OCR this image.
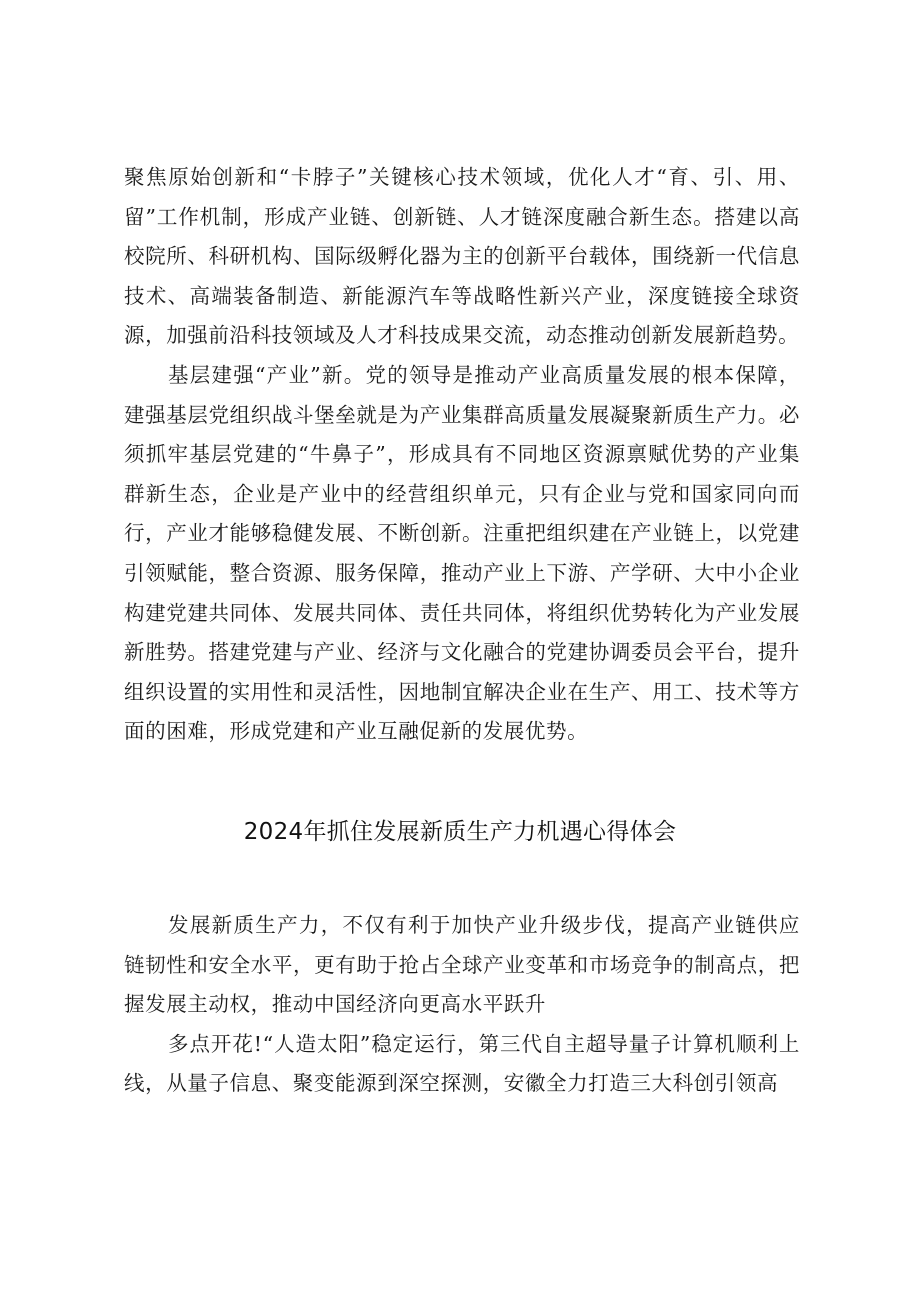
聚焦原始创新和“卡脖子”关键核心技术领域，优化人才“育、引、用、留”工作机制，形成产业链、创新链、人才链深度融合新生态。搭建以高校院所、科研机构、国际级孵化器为主的创新平台载体，围绕新一代信息技术、高端装备制造、新能源汽车等战略性新兴产业，深度链接全球资源，加强前沿科技领域及人才科技成果交流，动态推动创新发展新趋势。

基层建强“产业”新。党的领导是推动产业高质量发展的根本保障，建强基层党组织战斗堡垒就是为产业集群高质量发展凝聚新质生产力。必须抓牢基层党建的“牛鼻子”，形成具有不同地区资源禀赋优势的产业集群新生态，企业是产业中的经营组织单元，只有企业与党和国家同向而行，产业才能够稳健发展、不断创新。注重把组织建在产业链上，以党建引领赋能，整合资源、服务保障，推动产业上下游、产学研、大中小企业构建党建共同体、发展共同体、责任共同体，将组织优势转化为产业发展新胜势。搭建党建与产业、经济与文化融合的党建协调委员会平台，提升组织设置的实用性和灵活性，因地制宜解决企业在生产、用工、技术等方面的困难，形成党建和产业互融促新的发展优势。

2024年抓住发展新质生产力机遇心得体会

发展新质生产力，不仅有利于加快产业升级步伐，提高产业链供应链韧性和安全水平，更有助于抢占全球产业变革和市场竞争的制高点，把握发展主动权，推动中国经济向更高水平跃升

多点开花!“人造太阳”稳定运行，第三代自主超导量子计算机顺利上线，从量子信息、聚变能源到深空探测，安徽全力打造三大科创引领高
